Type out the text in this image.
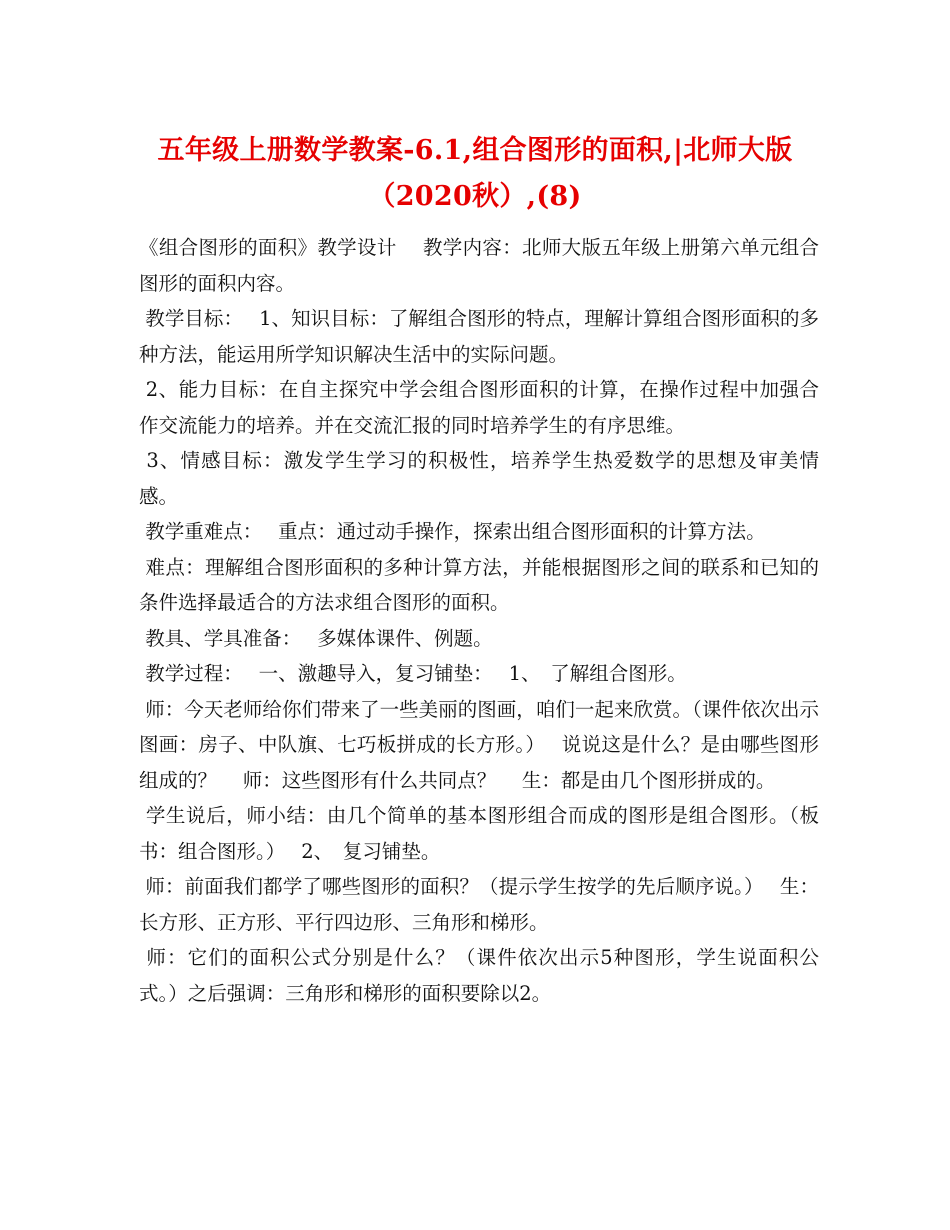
五年级上册数学教案-6.1,组合图形的面积,|北师大版
（2020秋）,(8)

《组合图形的面积》教学设计　 教学内容：北师大版五年级上册第六单元组合图形的面积内容。

教学目标：　 1、知识目标：了解组合图形的特点，理解计算组合图形面积的多种方法，能运用所学知识解决生活中的实际问题。

2、能力目标：在自主探究中学会组合图形面积的计算，在操作过程中加强合作交流能力的培养。并在交流汇报的同时培养学生的有序思维。

3、情感目标：激发学生学习的积极性，培养学生热爱数学的思想及审美情感。

教学重难点：　 重点：通过动手操作，探索出组合图形面积的计算方法。

难点：理解组合图形面积的多种计算方法，并能根据图形之间的联系和已知的条件选择最适合的方法求组合图形的面积。

教具、学具准备：　 多媒体课件、例题。

教学过程：　 一、激趣导入，复习铺垫：　 1、　了解组合图形。

师：今天老师给你们带来了一些美丽的图画，咱们一起来欣赏。（课件依次出示图画：房子、中队旗、七巧板拼成的长方形。）　 说说这是什么？是由哪些图形组成的？　 师：这些图形有什么共同点？　 生：都是由几个图形拼成的。

学生说后，师小结：由几个简单的基本图形组合而成的图形是组合图形。（板书：组合图形。）　 2、　复习铺垫。

师：前面我们都学了哪些图形的面积？（提示学生按学的先后顺序说。）　 生：长方形、正方形、平行四边形、三角形和梯形。

师：它们的面积公式分别是什么？（课件依次出示5种图形，学生说面积公式。）之后强调：三角形和梯形的面积要除以2。
